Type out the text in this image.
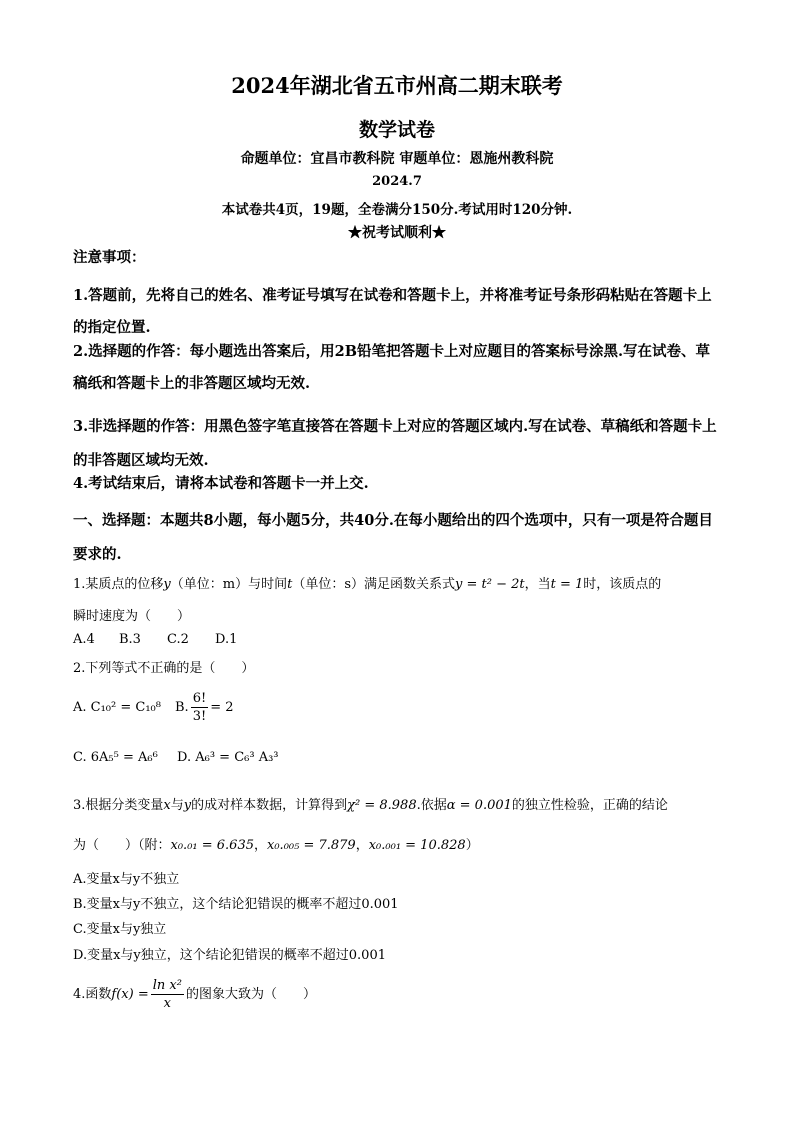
2024年湖北省五市州高二期末联考
数学试卷
命题单位：宜昌市教科院 审题单位：恩施州教科院
2024.7
本试卷共4页，19题，全卷满分150分.考试用时120分钟.
★祝考试顺利★
注意事项：
1.答题前，先将自己的姓名、准考证号填写在试卷和答题卡上，并将准考证号条形码粘贴在答题卡上的指定位置.
2.选择题的作答：每小题选出答案后，用2B铅笔把答题卡上对应题目的答案标号涂黑.写在试卷、草稿纸和答题卡上的非答题区域均无效.
3.非选择题的作答：用黑色签字笔直接答在答题卡上对应的答题区域内.写在试卷、草稿纸和答题卡上的非答题区域均无效.
4.考试结束后，请将本试卷和答题卡一并上交.
一、选择题：本题共8小题，每小题5分，共40分.在每小题给出的四个选项中，只有一项是符合题目要求的.
1.某质点的位移y（单位：m）与时间t（单位：s）满足函数关系式y = t² − 2t，当t = 1时，该质点的
瞬时速度为（　　）
A.4 B.3 C.2 D.1
2.下列等式不正确的是（　　）
A. C₁₀² = C₁₀⁸ B. $\frac{6!}{3!} = 2$
C. 6A₅⁵ = A₆⁶ D. A₆³ = C₆³ A₃³
3.根据分类变量x与y的成对样本数据，计算得到χ² = 8.988.依据α = 0.001的独立性检验，正确的结论
为（　　）（附：x₀.₀₁ = 6.635，x₀.₀₀₅ = 7.879，x₀.₀₀₁ = 10.828）
A.变量x与y不独立
B.变量x与y不独立，这个结论犯错误的概率不超过0.001
C.变量x与y独立
D.变量x与y独立，这个结论犯错误的概率不超过0.001
4.函数$f(x) = \frac{\text{ln x²}}{x}$ 的图象大致为（　　）
